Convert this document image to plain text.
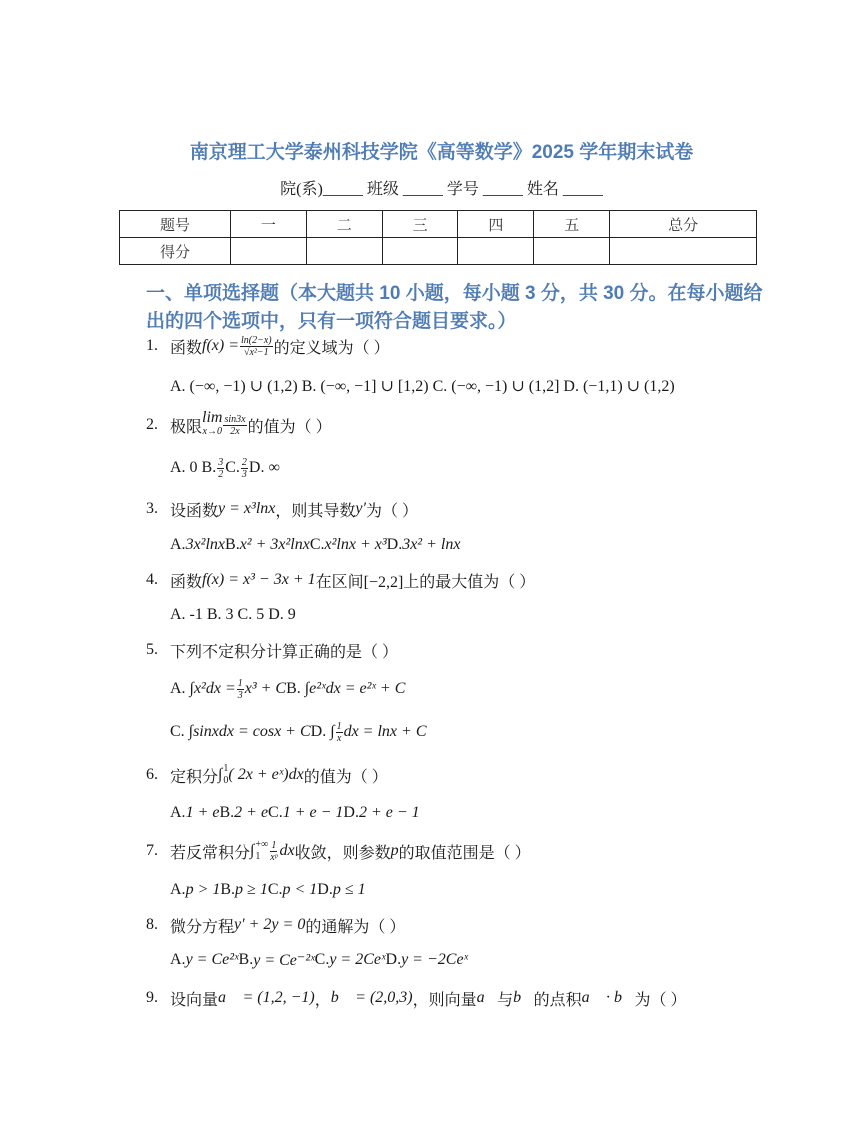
南京理工大学泰州科技学院《高等数学》2025 学年期末试卷
院(系)_____ 班级 _____ 学号 _____ 姓名 _____
题号	一	二	三	四	五	总分
得分						
一、单项选择题（本大题共 10 小题，每小题 3 分，共 30 分。在每小题给出的四个选项中，只有一项符合题目要求。）
1. 函数 $f(x) = \frac{\ln(2-x)}{\text{√x²−1}}$ 的定义域为（ ）
A. (−∞, −1) ∪ (1,2) B. (−∞, −1] ∪ [1,2) C. (−∞, −1) ∪ (1,2] D. (−1,1) ∪ (1,2)
2. 极限
lim
$x\to 0 \frac{\sin 3x}{2x}$ 的值为（ ）
A. 0 B. $\frac{3}{2} C$. $\frac{2}{3} D$. ∞
3. 设函数 y = x³lnx ，则其导数 y′ 为（ ）
A. 3x²lnx B. x² + 3x²lnx C. x²lnx + x³ D. 3x² + lnx
4. 函数 f(x) = x³ − 3x + 1 在区间[−2,2]上的最大值为（ ）
A. -1 B. 3 C. 5 D. 9
5. 下列不定积分计算正确的是（ ）
A. ∫ $x^2dx = \frac{1}{3} x^3 + C$ B. ∫ e²ˣdx = e²ˣ + C
C. ∫ sinxdx = cosx + C D. ∫ $\frac{1}{x}$ dx = lnx + C
6. 定积分 ∫ 1
0 ( 2x + eˣ)dx 的值为（ ）
A. 1 + e B. 2 + e C. 1 + e − 1 D. 2 + e − 1
7. 若反常积分 ∫ +∞
$1 \frac{1}{\text{xᵖ}}$ dx 收敛，则参数 p 的取值范围是（ ）
A. p > 1 B. p ≥ 1 C. p < 1 D. p ≤ 1
8. 微分方程 y′ + 2y = 0 的通解为（ ）
A. y = Ce²ˣ B. y = Ce⁻²ˣ C. y = 2Ceˣ D. y = −2Ceˣ
9. 设向量 a⃗ = (1,2, −1) ， b⃗ = (2,0,3) ，则向量 a⃗ 与 b⃗ 的点积 a⃗ · b⃗ 为（ ）
